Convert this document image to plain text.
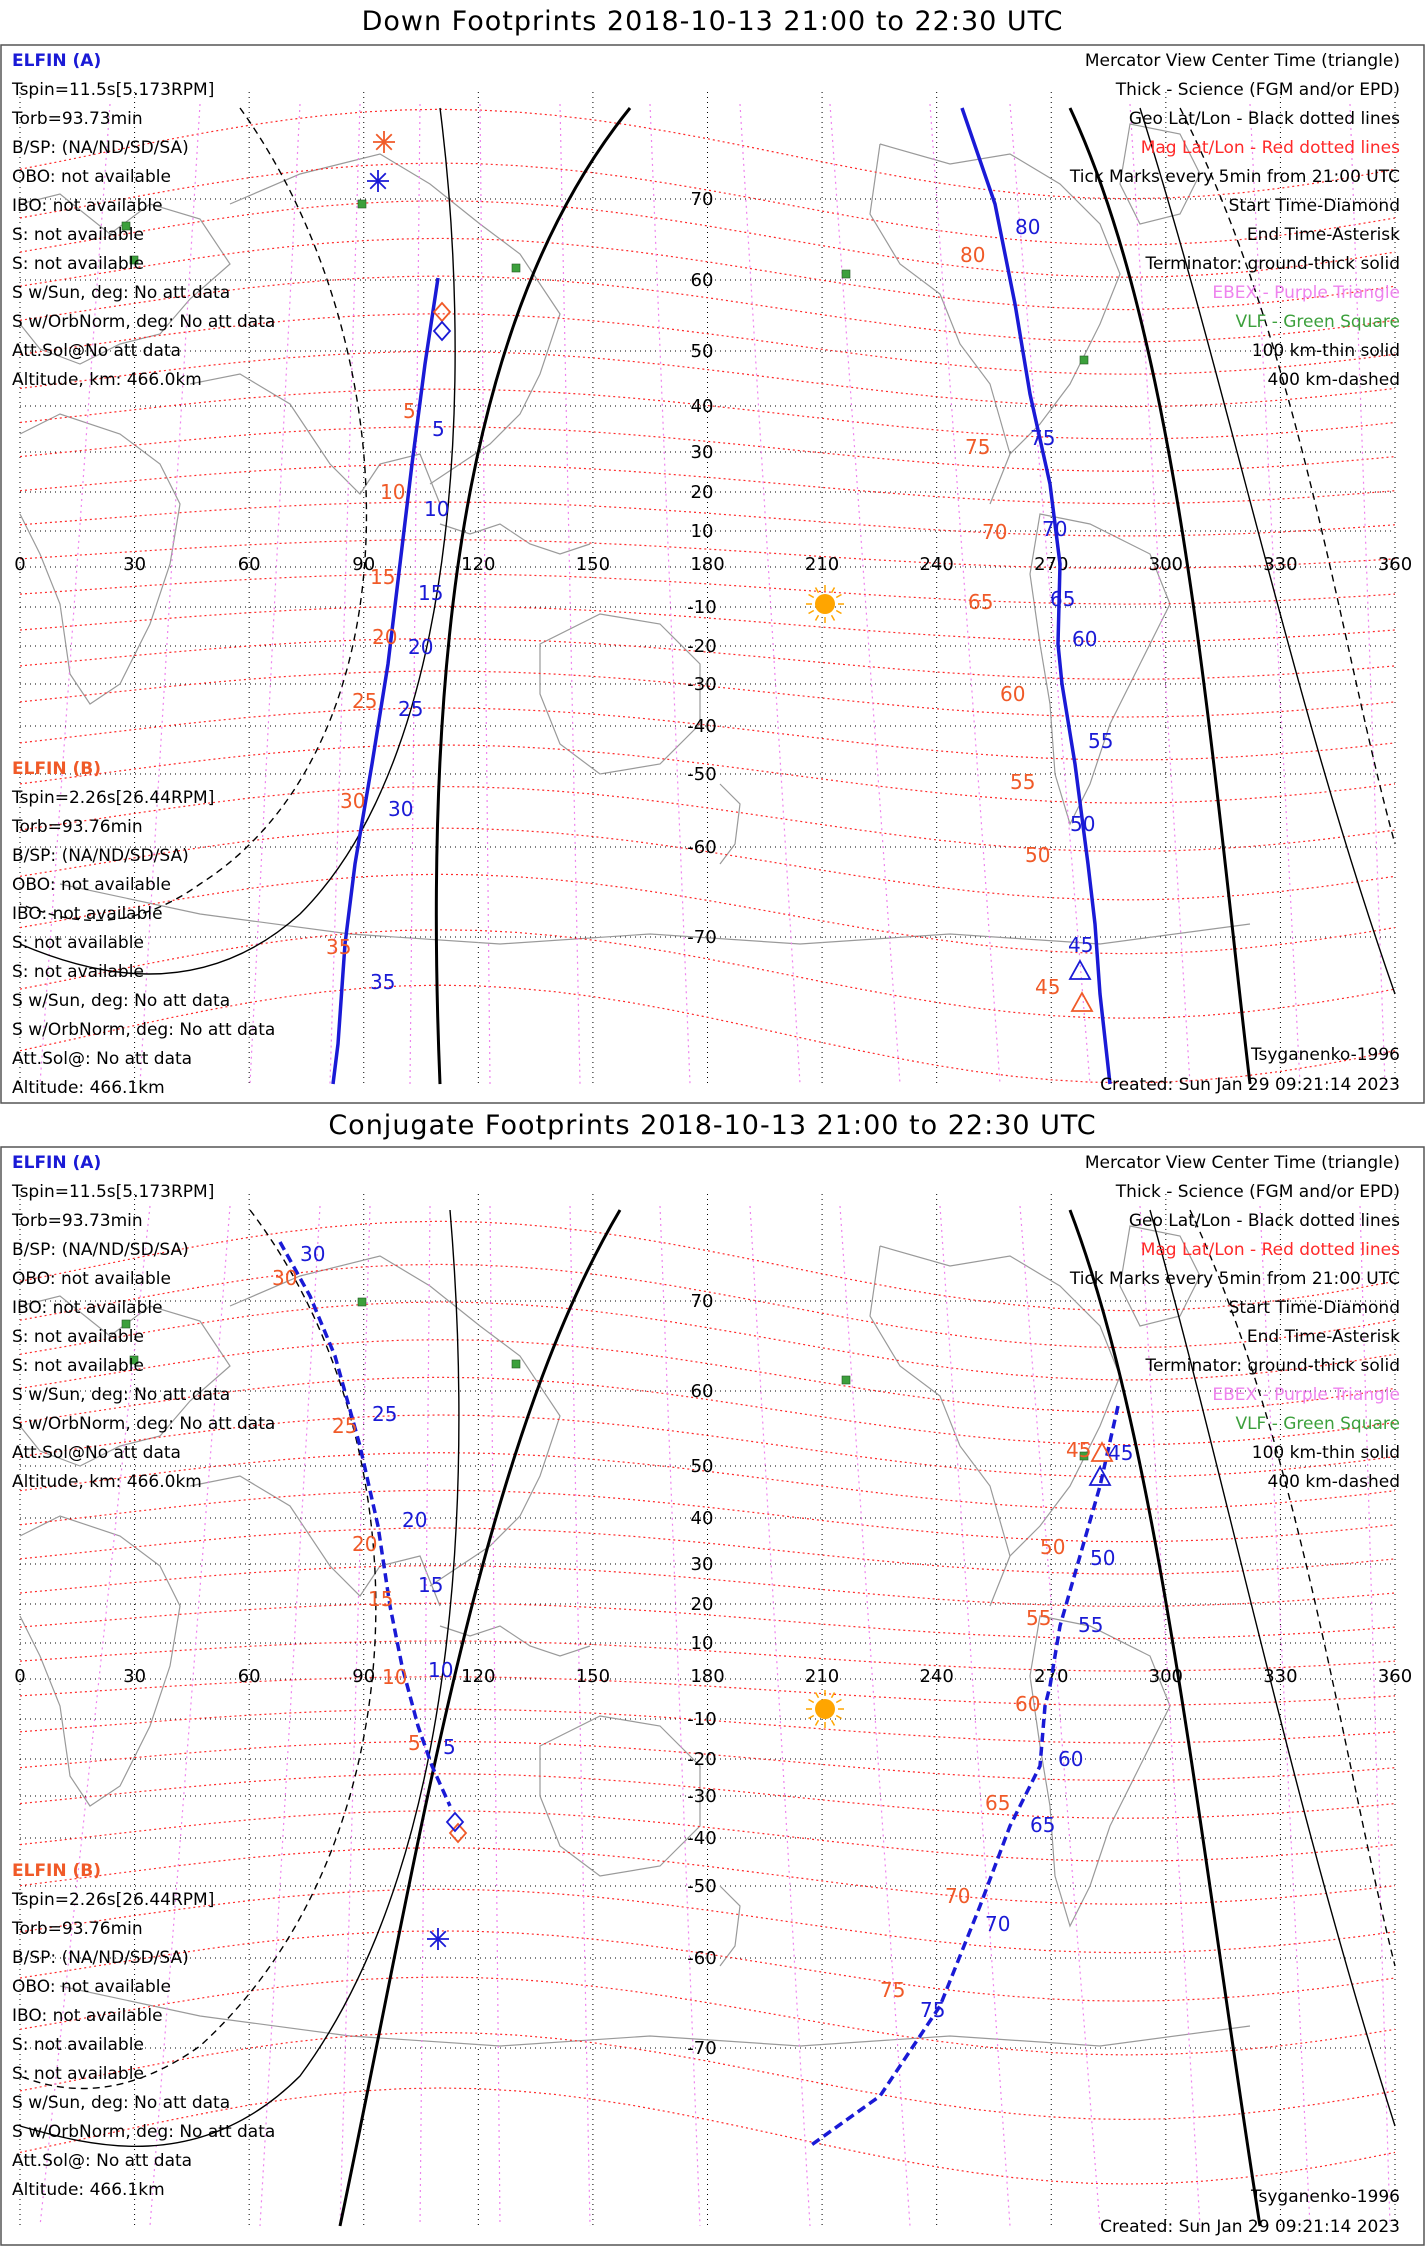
Down Footprints 2018-10-13 21:00 to 22:30 UTC
0	30	60	90	120	150	180	210	240	270	300	330	360
70
60
50
40
30
20
10
-10
-20
-30
-40
-50
-60
-70
5
10
15
20
25
30
35
45
50
55
60
65
70
75
80
5
10
15
20
25
30
35
45
50
55
60
65
70
75
80
ELFIN (A)
Tspin=11.5s[5.173RPM]
Torb=93.73min
B/SP: (NA/ND/SD/SA)
OBO: not available
IBO: not available
S: not available
S: not available
S w/Sun, deg: No att data
S w/OrbNorm, deg: No att data
Att.Sol@No att data
Altitude, km: 466.0km
ELFIN (B)
Tspin=2.26s[26.44RPM]
Torb=93.76min
B/SP: (NA/ND/SD/SA)
OBO: not available
IBO: not available
S: not available
S: not available
S w/Sun, deg: No att data
S w/OrbNorm, deg: No att data
Att.Sol@: No att data
Altitude: 466.1km
Mercator View Center Time (triangle)
Thick - Science (FGM and/or EPD)
Geo Lat/Lon - Black dotted lines
Mag Lat/Lon - Red dotted lines
Tick Marks every 5min from 21:00 UTC
Start Time-Diamond
End Time-Asterisk
Terminator: ground-thick solid
EBEX - Purple Triangle
VLF - Green Square
100 km-thin solid
400 km-dashed
Tsyganenko-1996
Created: Sun Jan 29 09:21:14 2023
Conjugate Footprints 2018-10-13 21:00 to 22:30 UTC
0	30	60	90	120	150	180	210	240	270	300	330	360
70
60
50
40
30
20
10
-10
-20
-30
-40
-50
-60
-70
5
10
15
20
25
30
45
50
55
60
65
70
75
5
10
15
20
25
30
45
50
55
60
65
70
75
ELFIN (A)
Tspin=11.5s[5.173RPM]
Torb=93.73min
B/SP: (NA/ND/SD/SA)
OBO: not available
IBO: not available
S: not available
S: not available
S w/Sun, deg: No att data
S w/OrbNorm, deg: No att data
Att.Sol@No att data
Altitude, km: 466.0km
ELFIN (B)
Tspin=2.26s[26.44RPM]
Torb=93.76min
B/SP: (NA/ND/SD/SA)
OBO: not available
IBO: not available
S: not available
S: not available
S w/Sun, deg: No att data
S w/OrbNorm, deg: No att data
Att.Sol@: No att data
Altitude: 466.1km
Mercator View Center Time (triangle)
Thick - Science (FGM and/or EPD)
Geo Lat/Lon - Black dotted lines
Mag Lat/Lon - Red dotted lines
Tick Marks every 5min from 21:00 UTC
Start Time-Diamond
End Time-Asterisk
Terminator: ground-thick solid
EBEX - Purple Triangle
VLF - Green Square
100 km-thin solid
400 km-dashed
Tsyganenko-1996
Created: Sun Jan 29 09:21:14 2023
